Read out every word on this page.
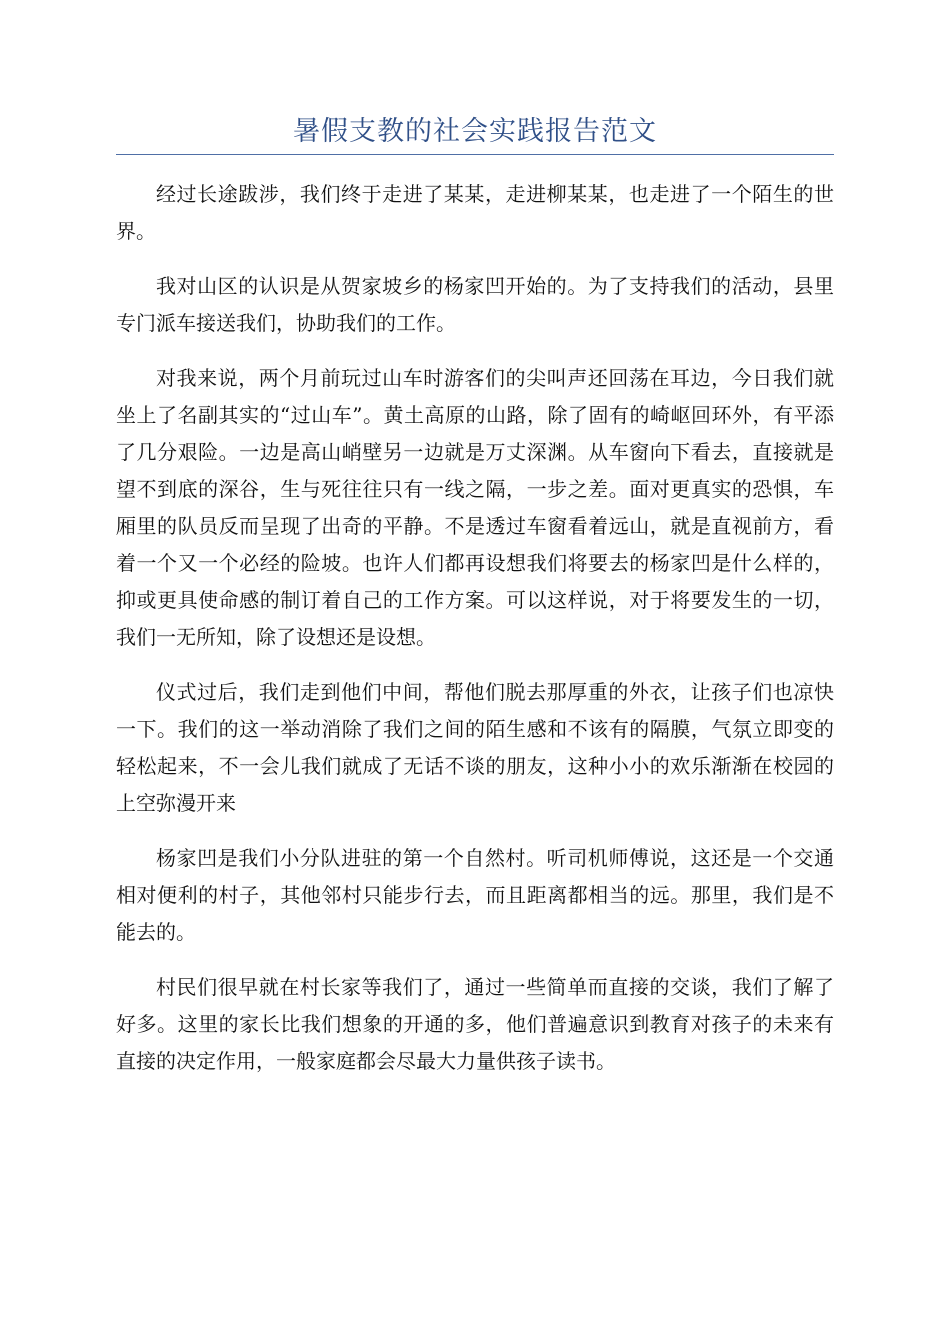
暑假支教的社会实践报告范文

经过长途跋涉，我们终于走进了某某，走进柳某某，也走进了一个陌生的世界。

我对山区的认识是从贺家坡乡的杨家凹开始的。为了支持我们的活动，县里专门派车接送我们，协助我们的工作。

对我来说，两个月前玩过山车时游客们的尖叫声还回荡在耳边，今日我们就坐上了名副其实的“过山车”。黄土高原的山路，除了固有的崎岖回环外，有平添了几分艰险。一边是高山峭壁另一边就是万丈深渊。从车窗向下看去，直接就是望不到底的深谷，生与死往往只有一线之隔，一步之差。面对更真实的恐惧，车厢里的队员反而呈现了出奇的平静。不是透过车窗看着远山，就是直视前方，看着一个又一个必经的险坡。也许人们都再设想我们将要去的杨家凹是什么样的，抑或更具使命感的制订着自己的工作方案。可以这样说，对于将要发生的一切，我们一无所知，除了设想还是设想。

仪式过后，我们走到他们中间，帮他们脱去那厚重的外衣，让孩子们也凉快一下。我们的这一举动消除了我们之间的陌生感和不该有的隔膜，气氛立即变的轻松起来，不一会儿我们就成了无话不谈的朋友，这种小小的欢乐渐渐在校园的上空弥漫开来

杨家凹是我们小分队进驻的第一个自然村。听司机师傅说，这还是一个交通相对便利的村子，其他邻村只能步行去，而且距离都相当的远。那里，我们是不能去的。

村民们很早就在村长家等我们了，通过一些简单而直接的交谈，我们了解了好多。这里的家长比我们想象的开通的多，他们普遍意识到教育对孩子的未来有直接的决定作用，一般家庭都会尽最大力量供孩子读书。
